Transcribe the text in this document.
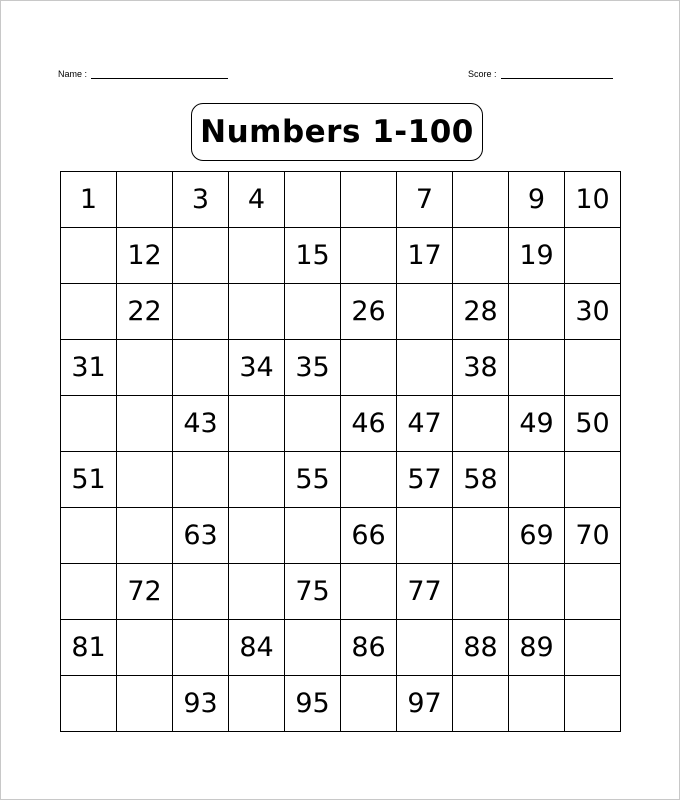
Name :	Score :
Numbers 1-100
1		3	4			7		9	10
	12			15		17		19	
	22				26		28		30
31			34	35			38		
		43			46	47		49	50
51				55		57	58		
		63			66			69	70
	72			75		77			
81			84		86		88	89	
		93		95		97			
